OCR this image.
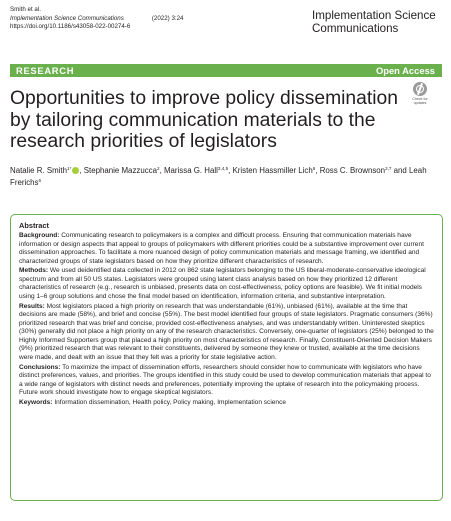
Smith et al.
Implementation Science Communications	(2022) 3:24
https://doi.org/10.1186/s43058-022-00274-6
Implementation Science Communications
RESEARCH	Open Access
Check for updates
Opportunities to improve policy dissemination by tailoring communication materials to the research priorities of legislators
Natalie R. Smith$^{1*}$ , Stephanie Mazzucca$^2$, Marissa G. Hall$^{3,4,5}$, Kristen Hassmiller Lich$^6$, Ross C. Brownson$^{2,7}$ and Leah Frerichs$^6$
Abstract

Background: Communicating research to policymakers is a complex and difficult process. Ensuring that communication materials have information or design aspects that appeal to groups of policymakers with different priorities could be a substantive improvement over current dissemination approaches. To facilitate a more nuanced design of policy communication materials and message framing, we identified and characterized groups of state legislators based on how they prioritize different characteristics of research.

Methods: We used deidentified data collected in 2012 on 862 state legislators belonging to the US liberal-moderate-conservative ideological spectrum and from all 50 US states. Legislators were grouped using latent class analysis based on how they prioritized 12 different characteristics of research (e.g., research is unbiased, presents data on cost-effectiveness, policy options are feasible). We fit initial models using 1–6 group solutions and chose the final model based on identification, information criteria, and substantive interpretation.

Results: Most legislators placed a high priority on research that was understandable (61%), unbiased (61%), available at the time that decisions are made (58%), and brief and concise (55%). The best model identified four groups of state legislators. Pragmatic consumers (36%) prioritized research that was brief and concise, provided cost-effectiveness analyses, and was understandably written. Uninterested skeptics (30%) generally did not place a high priority on any of the research characteristics. Conversely, one-quarter of legislators (25%) belonged to the Highly Informed Supporters group that placed a high priority on most characteristics of research. Finally, Constituent-Oriented Decision Makers (9%) prioritized research that was relevant to their constituents, delivered by someone they knew or trusted, available at the time decisions were made, and dealt with an issue that they felt was a priority for state legislative action.

Conclusions: To maximize the impact of dissemination efforts, researchers should consider how to communicate with legislators who have distinct preferences, values, and priorities. The groups identified in this study could be used to develop communication materials that appeal to a wide range of legislators with distinct needs and preferences, potentially improving the uptake of research into the policymaking process. Future work should investigate how to engage skeptical legislators.

Keywords: Information dissemination, Health policy, Policy making, Implementation science
